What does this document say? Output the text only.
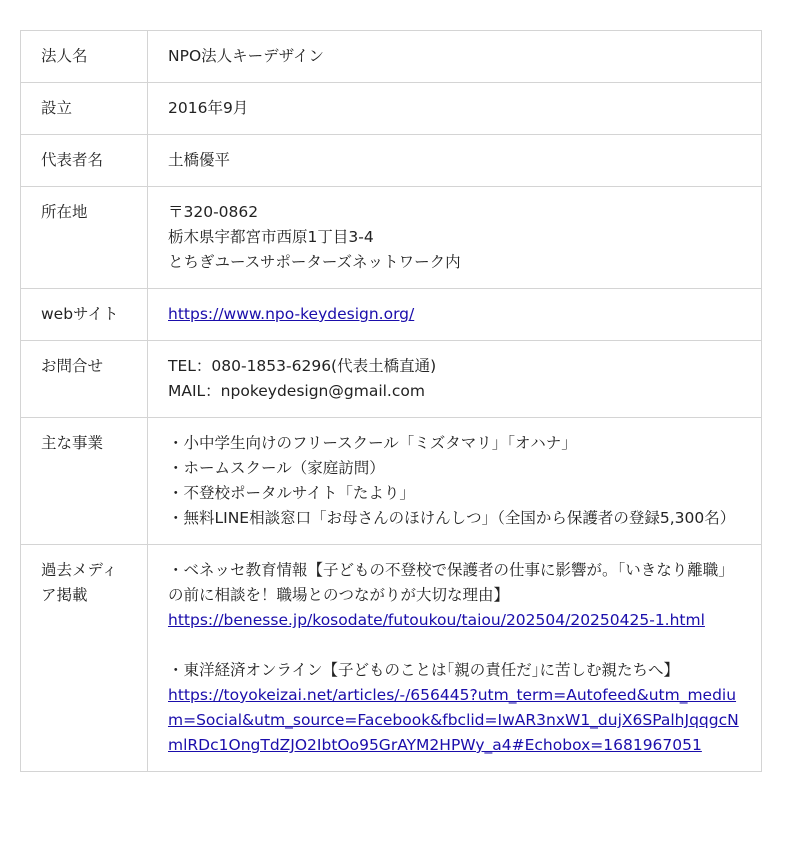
法人名	NPO法人キーデザイン

設立	2016年9月

代表者名	土橋優平

所在地	〒320-0862
栃木県宇都宮市西原1丁目3-4
とちぎユースサポーターズネットワーク内

webサイト	https://www.npo-keydesign.org/

お問合せ	TEL：080-1853-6296(代表土橋直通)
MAIL：npokeydesign@gmail.com

主な事業	・小中学生向けのフリースクール「ミズタマリ」「オハナ」
・ホームスクール（家庭訪問）
・不登校ポータルサイト「たより」
・無料LINE相談窓口「お母さんのほけんしつ」（全国から保護者の登録5,300名）

過去メディア掲載	・ベネッセ教育情報【子どもの不登校で保護者の仕事に影響が。「いきなり離職」の前に相談を！職場とのつながりが大切な理由】
https://benesse.jp/kosodate/futoukou/taiou/202504/20250425-1.html
・東洋経済オンライン【子どものことは｢親の責任だ｣に苦しむ親たちへ】
https://toyokeizai.net/articles/-/656445?utm_term=Autofeed&utm_medium=Social&utm_source=Facebook&fbclid=IwAR3nxW1_dujX6SPalhJqqgcNmlRDc1OngTdZJO2IbtOo95GrAYM2HPWy_a4#Echobox=1681967051
